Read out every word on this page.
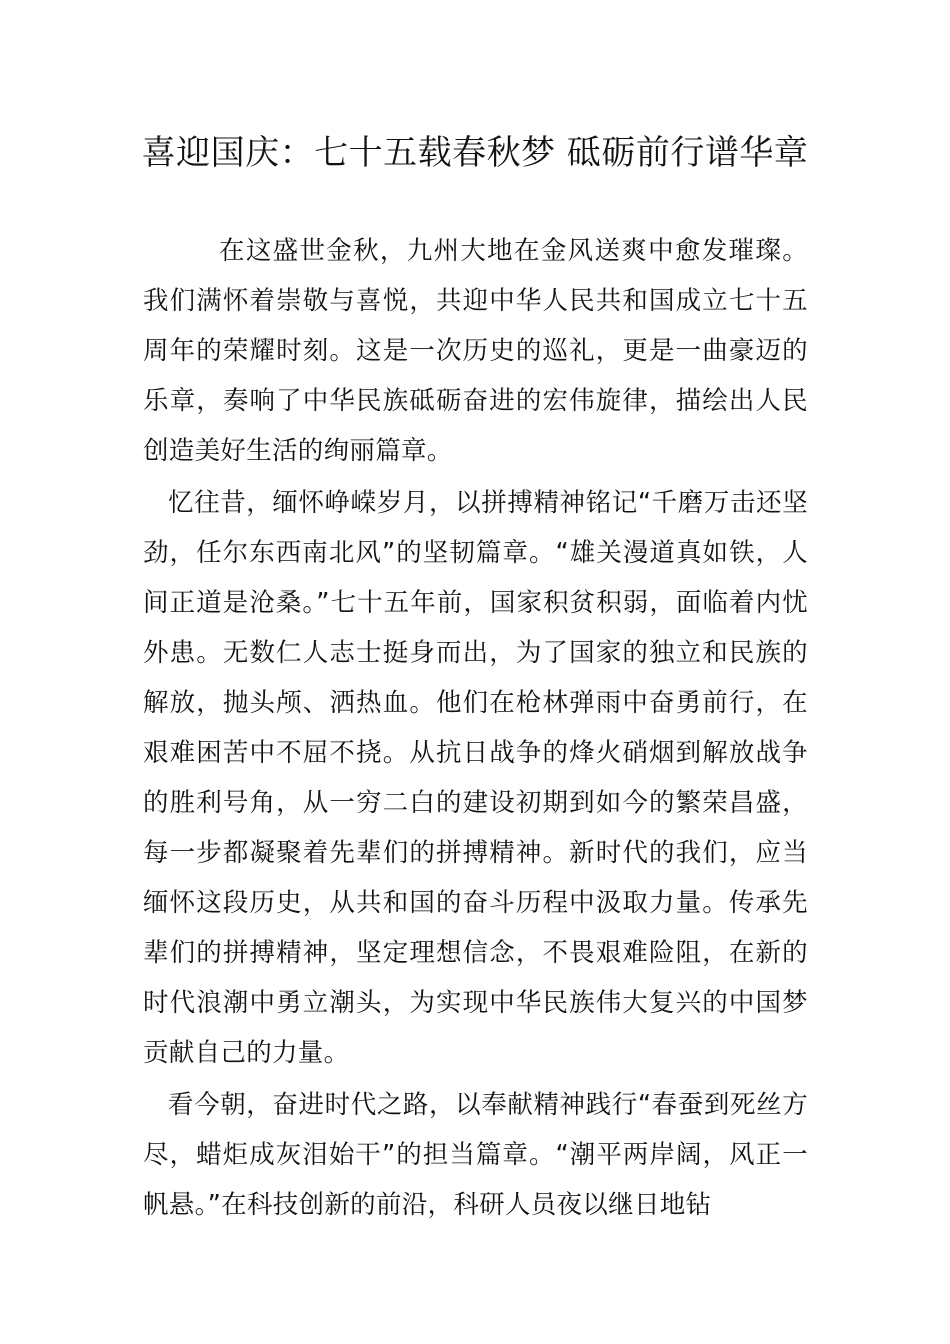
喜迎国庆：七十五载春秋梦 砥砺前行谱华章

在这盛世金秋，九州大地在金风送爽中愈发璀璨。我们满怀着崇敬与喜悦，共迎中华人民共和国成立七十五周年的荣耀时刻。这是一次历史的巡礼，更是一曲豪迈的乐章，奏响了中华民族砥砺奋进的宏伟旋律，描绘出人民创造美好生活的绚丽篇章。

忆往昔，缅怀峥嵘岁月，以拼搏精神铭记“千磨万击还坚劲，任尔东西南北风”的坚韧篇章。“雄关漫道真如铁，人间正道是沧桑。”七十五年前，国家积贫积弱，面临着内忧外患。无数仁人志士挺身而出，为了国家的独立和民族的解放，抛头颅、洒热血。他们在枪林弹雨中奋勇前行，在艰难困苦中不屈不挠。从抗日战争的烽火硝烟到解放战争的胜利号角，从一穷二白的建设初期到如今的繁荣昌盛，每一步都凝聚着先辈们的拼搏精神。新时代的我们，应当缅怀这段历史，从共和国的奋斗历程中汲取力量。传承先辈们的拼搏精神，坚定理想信念，不畏艰难险阻，在新的时代浪潮中勇立潮头，为实现中华民族伟大复兴的中国梦贡献自己的力量。

看今朝，奋进时代之路，以奉献精神践行“春蚕到死丝方尽，蜡炬成灰泪始干”的担当篇章。“潮平两岸阔，风正一帆悬。”在科技创新的前沿，科研人员夜以继日地钻
